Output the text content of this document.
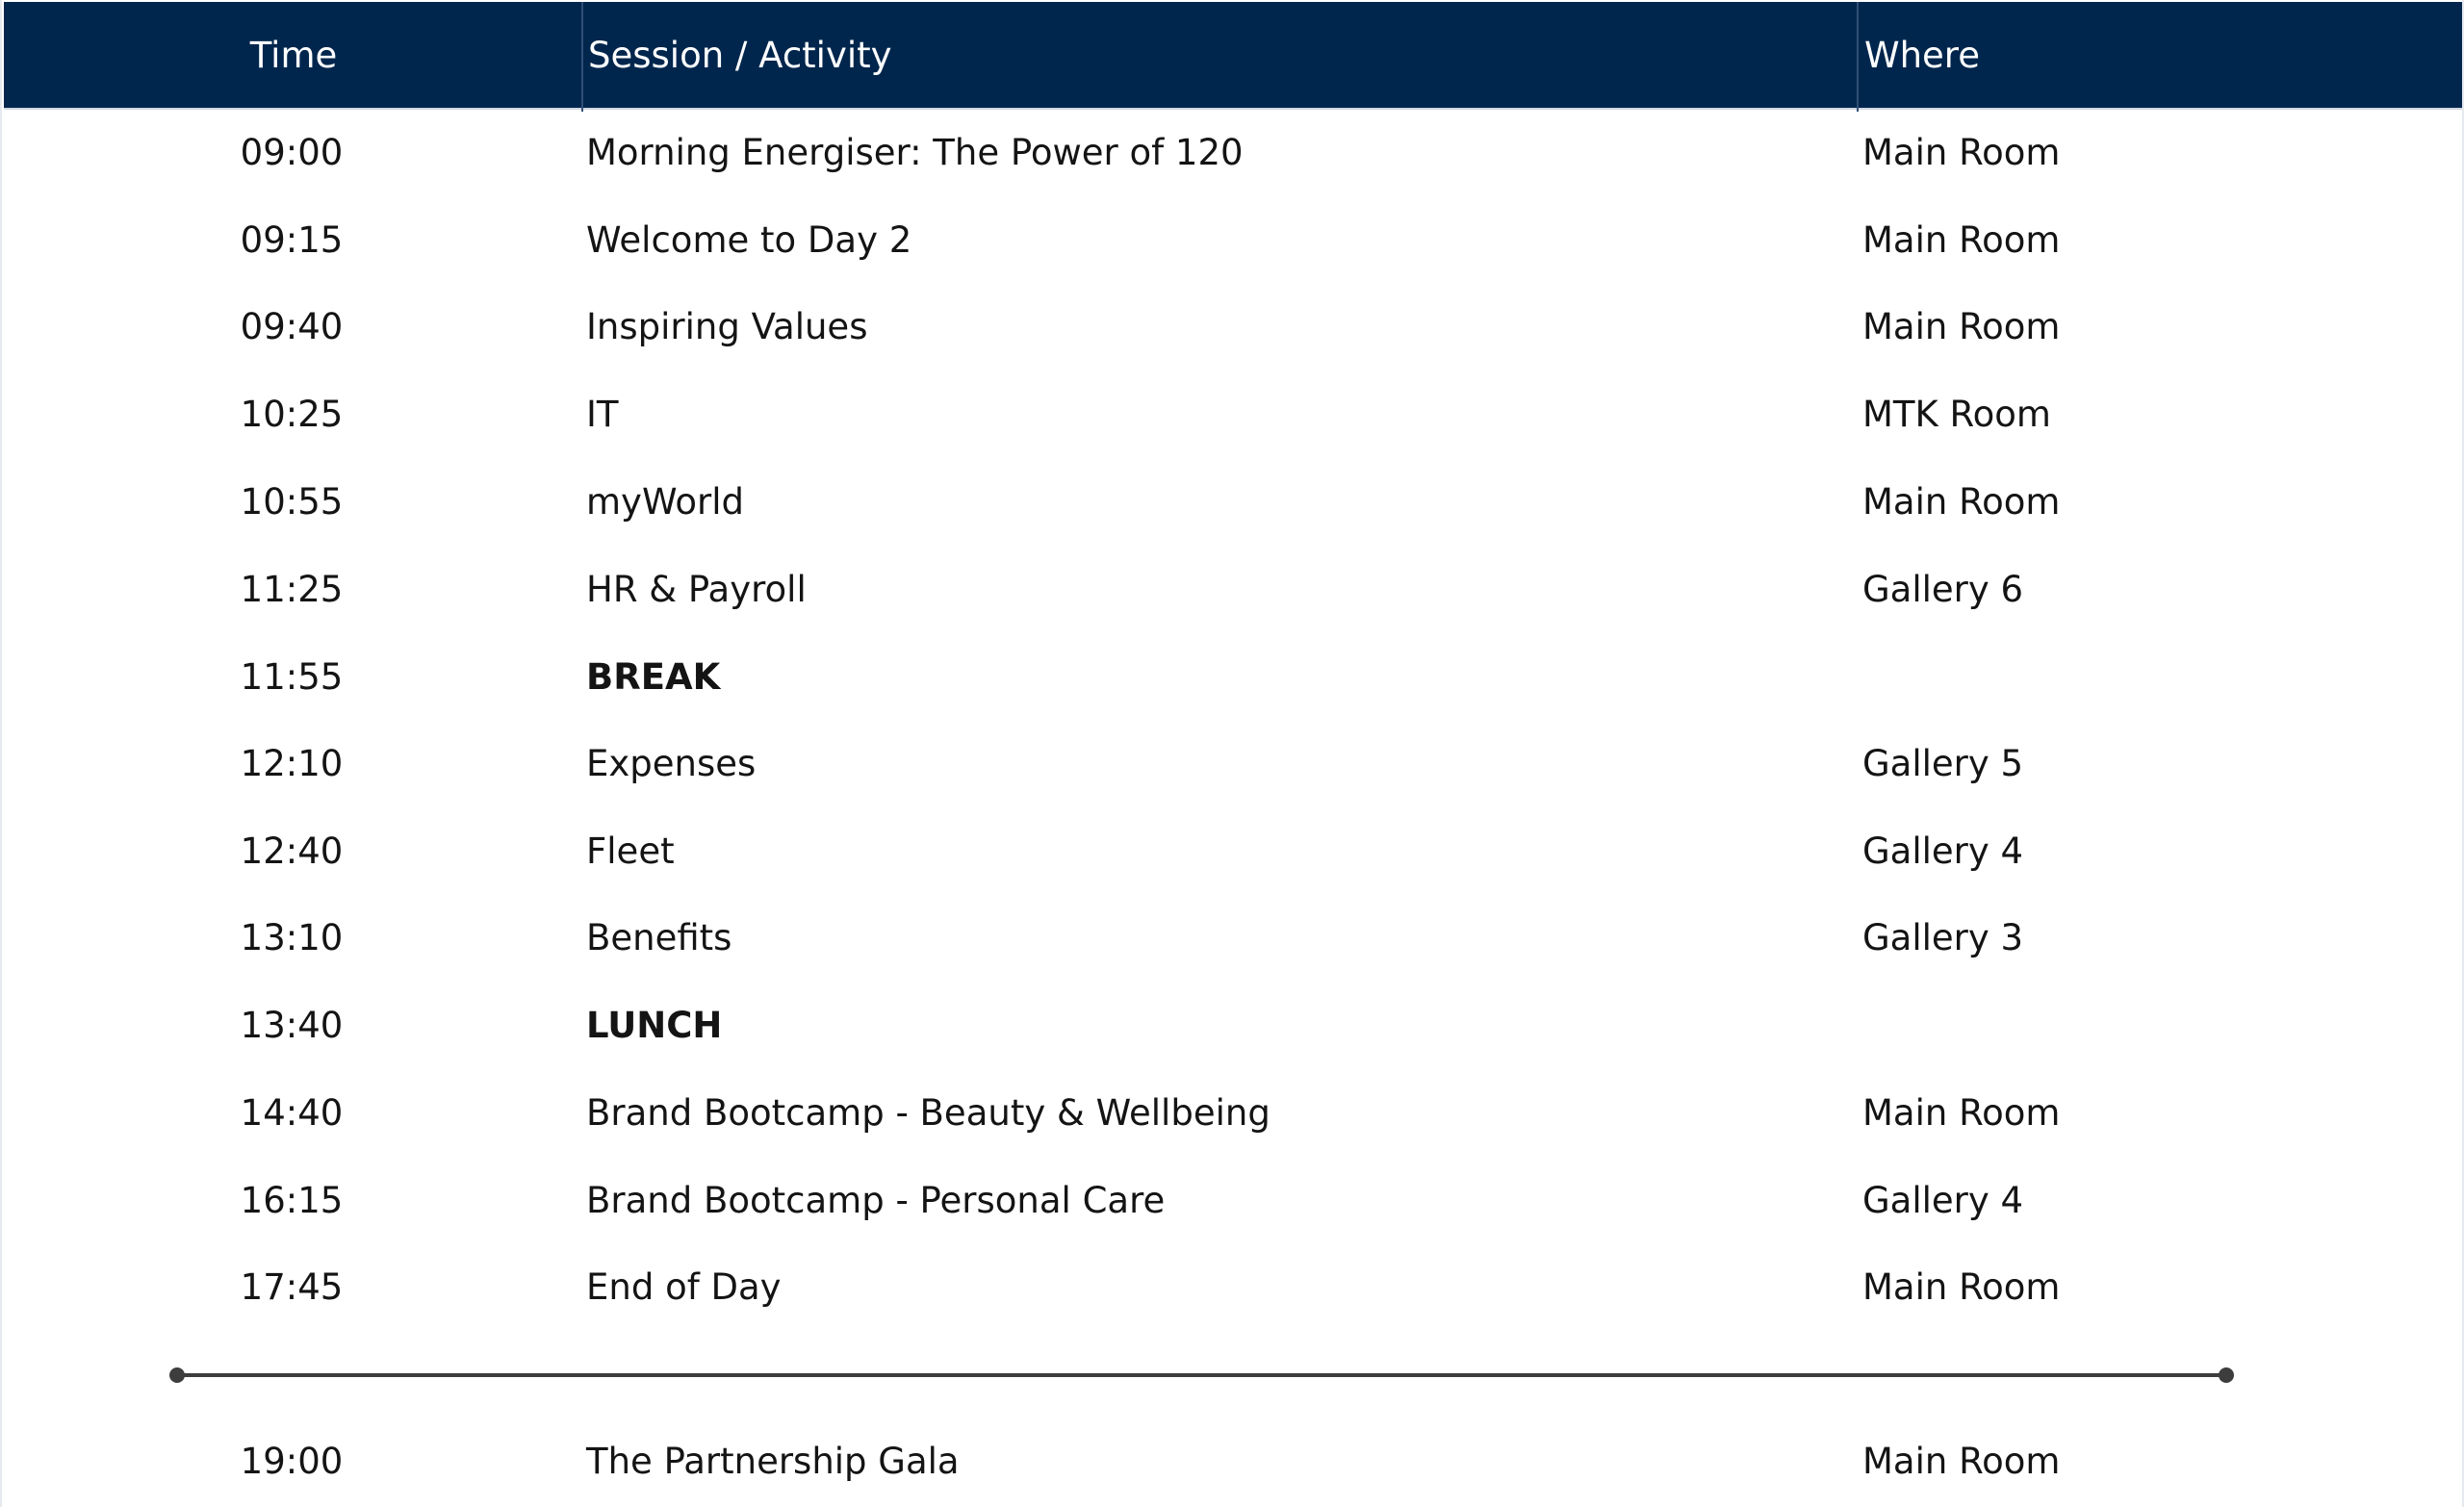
Time	Session / Activity	Where
09:00	Morning Energiser: The Power of 120	Main Room
09:15	Welcome to Day 2	Main Room
09:40	Inspiring Values	Main Room
10:25	IT	MTK Room
10:55	myWorld	Main Room
11:25	HR & Payroll	Gallery 6
11:55	BREAK
12:10	Expenses	Gallery 5
12:40	Fleet	Gallery 4
13:10	Benefits	Gallery 3
13:40	LUNCH
14:40	Brand Bootcamp - Beauty & Wellbeing	Main Room
16:15	Brand Bootcamp - Personal Care	Gallery 4
17:45	End of Day	Main Room
19:00	The Partnership Gala	Main Room
